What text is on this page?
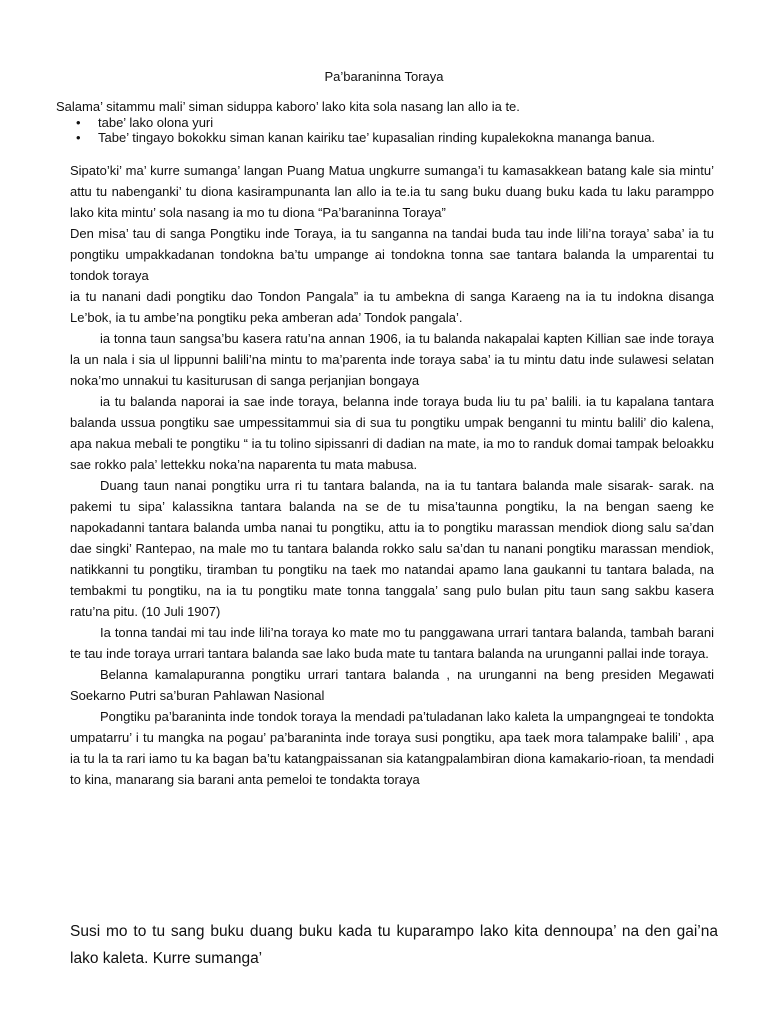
Pa’baraninna Toraya
Salama’ sitammu mali’ siman siduppa kaboro’ lako kita sola nasang lan allo ia te.
• tabe’ lako olona yuri
• Tabe’ tingayo bokokku siman kanan kairiku tae’ kupasalian rinding kupalekokna mananga banua.

Sipato’ki’ ma’ kurre sumanga’ langan Puang Matua ungkurre sumanga’i tu kamasakkean batang kale sia mintu’ attu tu nabenganki’ tu diona kasirampunanta lan allo ia te.ia tu sang buku duang buku kada tu laku paramppo lako kita mintu’ sola nasang ia mo tu diona “Pa’baraninna Toraya”

Den misa’ tau di sanga Pongtiku inde Toraya, ia tu sanganna na tandai buda tau inde lili’na toraya’ saba’ ia tu pongtiku umpakkadanan tondokna ba’tu umpange ai tondokna tonna sae tantara balanda la umparentai tu tondok toraya

ia tu nanani dadi pongtiku dao Tondon Pangala” ia tu ambekna di sanga Karaeng na ia tu indokna disanga Le’bok, ia tu ambe’na pongtiku peka amberan ada’ Tondok pangala’.

ia tonna taun sangsa’bu kasera ratu’na annan 1906, ia tu balanda nakapalai kapten Killian sae inde toraya la un nala i sia ul lippunni balili’na mintu to ma’parenta inde toraya saba’ ia tu mintu datu inde sulawesi selatan noka’mo unnakui tu kasiturusan di sanga perjanjian bongaya

ia tu balanda naporai ia sae inde toraya, belanna inde toraya buda liu tu pa’ balili. ia tu kapalana tantara balanda ussua pongtiku sae umpessitammui sia di sua tu pongtiku umpak benganni tu mintu balili’ dio kalena, apa nakua mebali te pongtiku “ ia tu tolino sipissanri di dadian na mate, ia mo to randuk domai tampak beloakku sae rokko pala’ lettekku noka’na naparenta tu mata mabusa.

Duang taun nanai pongtiku urra ri tu tantara balanda, na ia tu tantara balanda male sisarak- sarak. na pakemi tu sipa’ kalassikna tantara balanda na se de tu misa’taunna pongtiku, la na bengan saeng ke napokadanni tantara balanda umba nanai tu pongtiku, attu ia to pongtiku marassan mendiok diong salu sa’dan dae singki’ Rantepao, na male mo tu tantara balanda rokko salu sa’dan tu nanani pongtiku marassan mendiok, natikkanni tu pongtiku, tiramban tu pongtiku na taek mo natandai apamo lana gaukanni tu tantara balada, na tembakmi tu pongtiku, na ia tu pongtiku mate tonna tanggala’ sang pulo bulan pitu taun sang sakbu kasera ratu’na pitu. (10 Juli 1907)

Ia tonna tandai mi tau inde lili’na toraya ko mate mo tu panggawana urrari tantara balanda, tambah barani te tau inde toraya urrari tantara balanda sae lako buda mate tu tantara balanda na urunganni pallai inde toraya.

Belanna kamalapuranna pongtiku urrari tantara balanda , na urunganni na beng presiden Megawati Soekarno Putri sa’buran Pahlawan Nasional

Pongtiku pa’baraninta inde tondok toraya la mendadi pa’tuladanan lako kaleta la umpangngeai te tondokta umpatarru’ i tu mangka na pogau’ pa’baraninta inde toraya susi pongtiku, apa taek mora talampake balili’ , apa ia tu la ta rari iamo tu ka bagan ba’tu katangpaissanan sia katangpalambiran diona kamakario-rioan, ta mendadi to kina, manarang sia barani anta pemeloi te tondakta toraya

Susi mo to tu sang buku duang buku kada tu kuparampo lako kita dennoupa’ na den gai’na lako kaleta. Kurre sumanga’
